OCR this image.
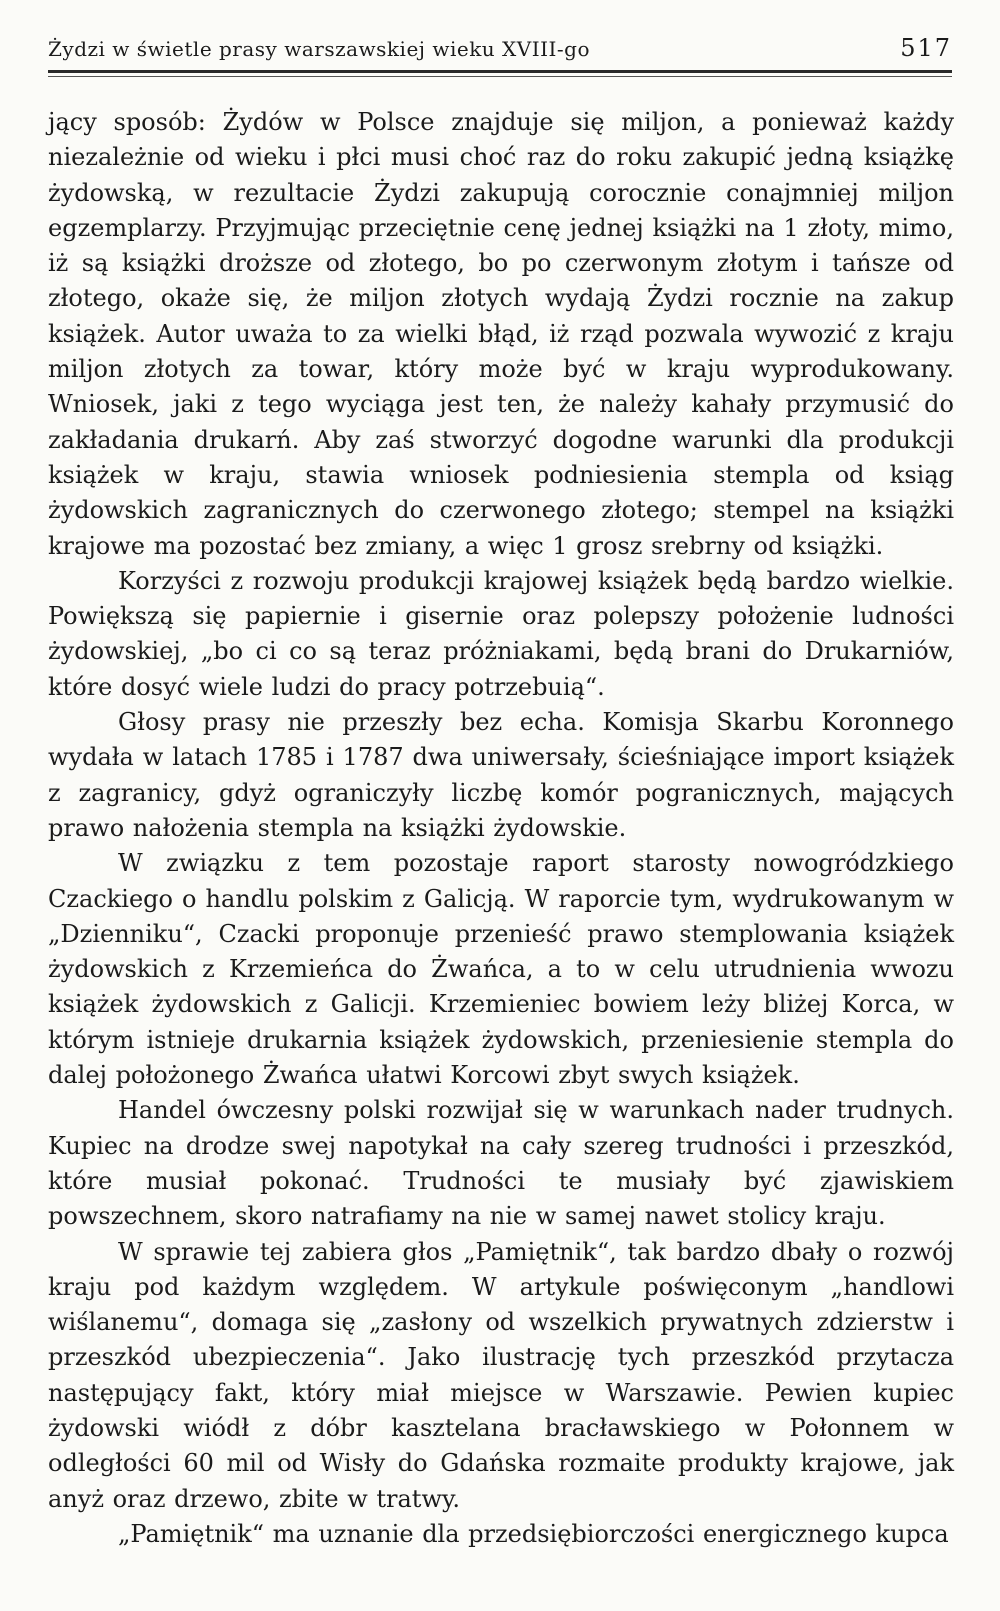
Żydzi w świetle prasy warszawskiej wieku XVIII-go	517

jący sposób: Żydów w Polsce znajduje się miljon, a ponieważ każdy niezależnie od wieku i płci musi choć raz do roku zakupić jedną książkę żydowską, w rezultacie Żydzi zakupują corocznie conajmniej miljon egzemplarzy. Przyjmując przeciętnie cenę jednej książki na 1 złoty, mimo, iż są książki droższe od złotego, bo po czerwonym złotym i tańsze od złotego, okaże się, że miljon złotych wydają Żydzi rocznie na zakup książek. Autor uważa to za wielki błąd, iż rząd pozwala wywozić z kraju miljon złotych za towar, który może być w kraju wyprodukowany. Wniosek, jaki z tego wyciąga jest ten, że należy kahały przymusić do zakładania drukarń. Aby zaś stworzyć dogodne warunki dla produkcji książek w kraju, stawia wniosek podniesienia stempla od ksiąg żydowskich zagranicznych do czerwonego złotego; stempel na książki krajowe ma pozostać bez zmiany, a więc 1 grosz srebrny od książki.

Korzyści z rozwoju produkcji krajowej książek będą bardzo wielkie. Powiększą się papiernie i gisernie oraz polepszy położenie ludności żydowskiej, „bo ci co są teraz próżniakami, będą brani do Drukarniów, które dosyć wiele ludzi do pracy potrzebuią“.

Głosy prasy nie przeszły bez echa. Komisja Skarbu Koronnego wydała w latach 1785 i 1787 dwa uniwersały, ścieśniające import książek z zagranicy, gdyż ograniczyły liczbę komór pogranicznych, mających prawo nałożenia stempla na książki żydowskie.

W związku z tem pozostaje raport starosty nowogródzkiego Czackiego o handlu polskim z Galicją. W raporcie tym, wydrukowanym w „Dzienniku“, Czacki proponuje przenieść prawo stemplowania książek żydowskich z Krzemieńca do Żwańca, a to w celu utrudnienia wwozu książek żydowskich z Galicji. Krzemieniec bowiem leży bliżej Korca, w którym istnieje drukarnia książek żydowskich, przeniesienie stempla do dalej położonego Żwańca ułatwi Korcowi zbyt swych książek.

Handel ówczesny polski rozwijał się w warunkach nader trudnych. Kupiec na drodze swej napotykał na cały szereg trudności i przeszkód, które musiał pokonać. Trudności te musiały być zjawiskiem powszechnem, skoro natrafiamy na nie w samej nawet stolicy kraju.

W sprawie tej zabiera głos „Pamiętnik“, tak bardzo dbały o rozwój kraju pod każdym względem. W artykule poświęconym „handlowi wiślanemu“, domaga się „zasłony od wszelkich prywatnych zdzierstw i przeszkód ubezpieczenia“. Jako ilustrację tych przeszkód przytacza następujący fakt, który miał miejsce w Warszawie. Pewien kupiec żydowski wiódł z dóbr kasztelana bracławskiego w Połonnem w odległości 60 mil od Wisły do Gdańska rozmaite produkty krajowe, jak anyż oraz drzewo, zbite w tratwy.

„Pamiętnik“ ma uznanie dla przedsiębiorczości energicznego kupca
